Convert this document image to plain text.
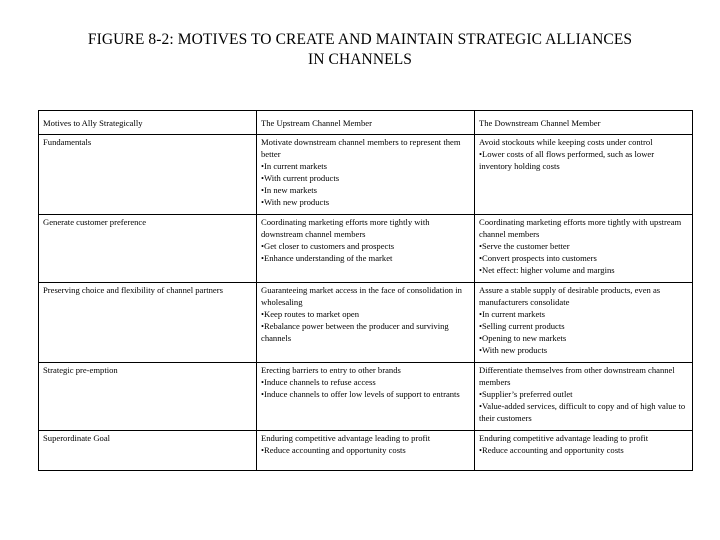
FIGURE 8-2: MOTIVES TO CREATE AND MAINTAIN STRATEGIC ALLIANCES
IN CHANNELS
Motives to Ally Strategically	The Upstream Channel Member	The Downstream Channel Member

Fundamentals	Motivate downstream channel members to represent them better
•In current markets
•With current products
•In new markets
•With new products	Avoid stockouts while keeping costs under control
•Lower costs of all flows performed, such as lower inventory holding costs

Generate customer preference	Coordinating marketing efforts more tightly with downstream channel members
•Get closer to customers and prospects
•Enhance understanding of the market	Coordinating marketing efforts more tightly with upstream channel members
•Serve the customer better
•Convert prospects into customers
•Net effect: higher volume and margins

Preserving choice and flexibility of channel partners	Guaranteeing market access in the face of consolidation in wholesaling
•Keep routes to market open
•Rebalance power between the producer and surviving channels	Assure a stable supply of desirable products, even as manufacturers consolidate
•In current markets
•Selling current products
•Opening to new markets
•With new products

Strategic pre-emption	Erecting barriers to entry to other brands
•Induce channels to refuse access
•Induce channels to offer low levels of support to entrants	Differentiate themselves from other downstream channel members
•Supplier’s preferred outlet
•Value-added services, difficult to copy and of high value to their customers

Superordinate Goal	Enduring competitive advantage leading to profit
•Reduce accounting and opportunity costs	Enduring competitive advantage leading to profit
•Reduce accounting and opportunity costs
